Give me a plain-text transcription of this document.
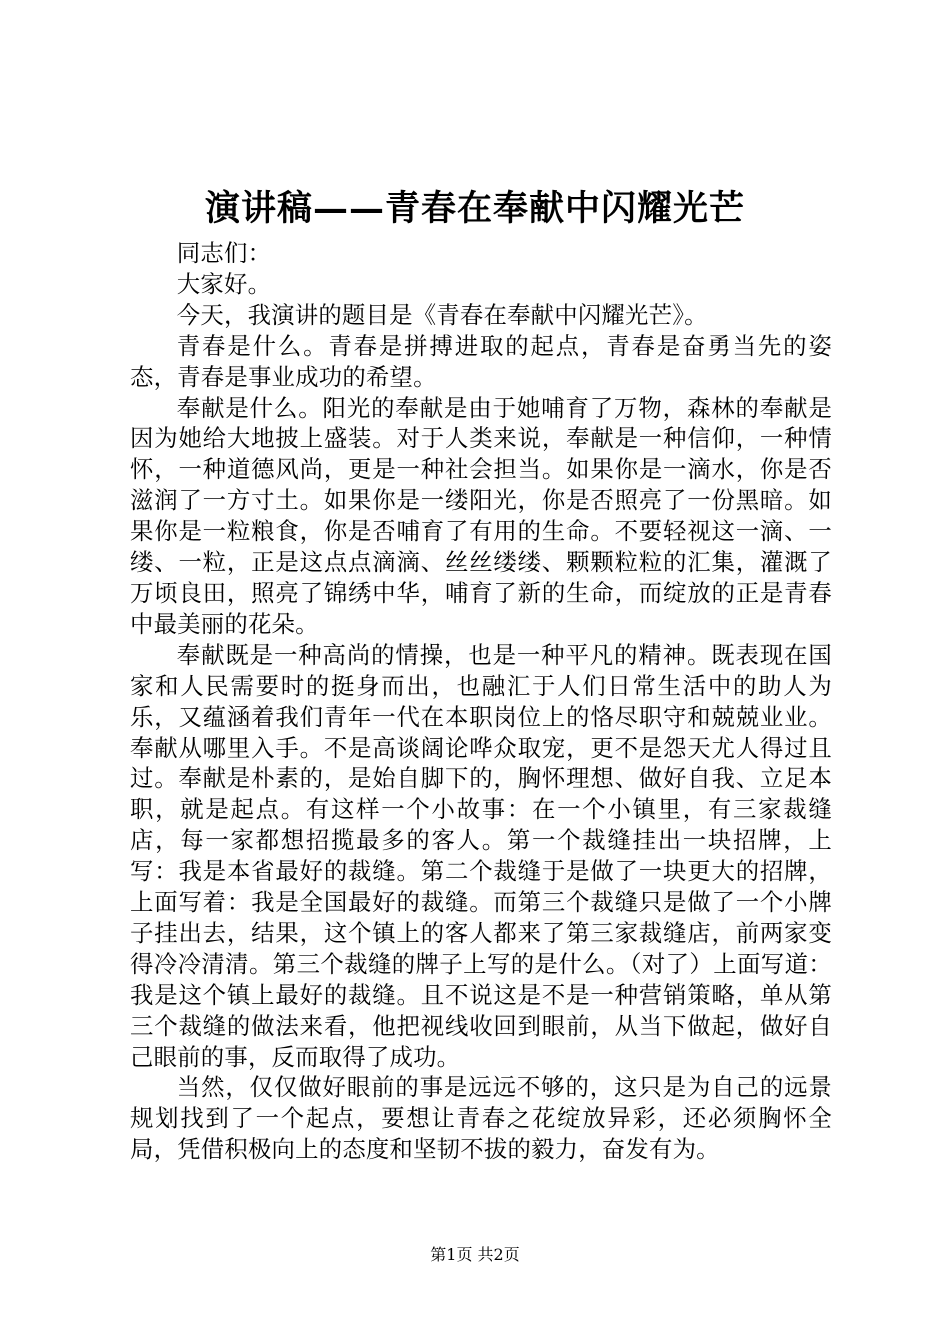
演讲稿——青春在奉献中闪耀光芒

同志们：

大家好。

今天，我演讲的题目是《青春在奉献中闪耀光芒》。

青春是什么。青春是拼搏进取的起点，青春是奋勇当先的姿态，青春是事业成功的希望。

奉献是什么。阳光的奉献是由于她哺育了万物，森林的奉献是因为她给大地披上盛装。对于人类来说，奉献是一种信仰，一种情怀，一种道德风尚，更是一种社会担当。如果你是一滴水，你是否滋润了一方寸土。如果你是一缕阳光，你是否照亮了一份黑暗。如果你是一粒粮食，你是否哺育了有用的生命。不要轻视这一滴、一缕、一粒，正是这点点滴滴、丝丝缕缕、颗颗粒粒的汇集，灌溉了万顷良田，照亮了锦绣中华，哺育了新的生命，而绽放的正是青春中最美丽的花朵。

奉献既是一种高尚的情操，也是一种平凡的精神。既表现在国家和人民需要时的挺身而出，也融汇于人们日常生活中的助人为乐，又蕴涵着我们青年一代在本职岗位上的恪尽职守和兢兢业业。奉献从哪里入手。不是高谈阔论哗众取宠，更不是怨天尤人得过且过。奉献是朴素的，是始自脚下的，胸怀理想、做好自我、立足本职，就是起点。有这样一个小故事：在一个小镇里，有三家裁缝店，每一家都想招揽最多的客人。第一个裁缝挂出一块招牌，上写：我是本省最好的裁缝。第二个裁缝于是做了一块更大的招牌，上面写着：我是全国最好的裁缝。而第三个裁缝只是做了一个小牌子挂出去，结果，这个镇上的客人都来了第三家裁缝店，前两家变得冷冷清清。第三个裁缝的牌子上写的是什么。（对了）上面写道：我是这个镇上最好的裁缝。且不说这是不是一种营销策略，单从第三个裁缝的做法来看，他把视线收回到眼前，从当下做起，做好自己眼前的事，反而取得了成功。

当然，仅仅做好眼前的事是远远不够的，这只是为自己的远景规划找到了一个起点，要想让青春之花绽放异彩，还必须胸怀全局，凭借积极向上的态度和坚韧不拔的毅力，奋发有为。

第1页 共2页
